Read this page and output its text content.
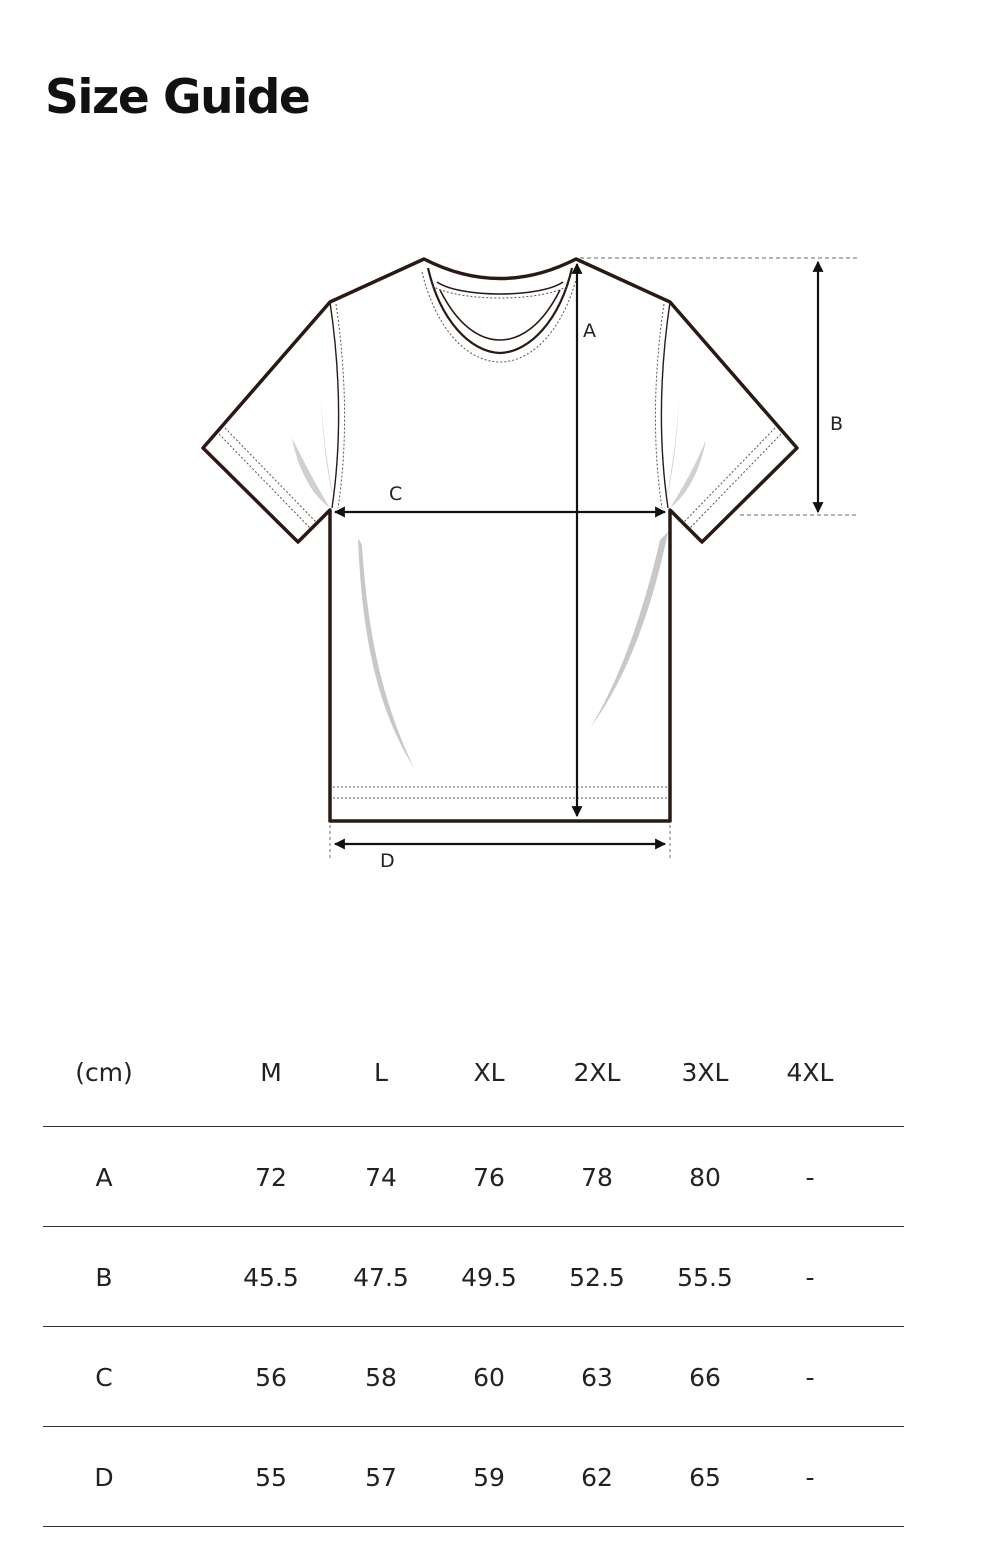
Size Guide
A
B
C
D
(cm)	M	L	XL	2XL	3XL	4XL
A	72	74	76	78	80	-
B	45.5	47.5	49.5	52.5	55.5	-
C	56	58	60	63	66	-
D	55	57	59	62	65	-
